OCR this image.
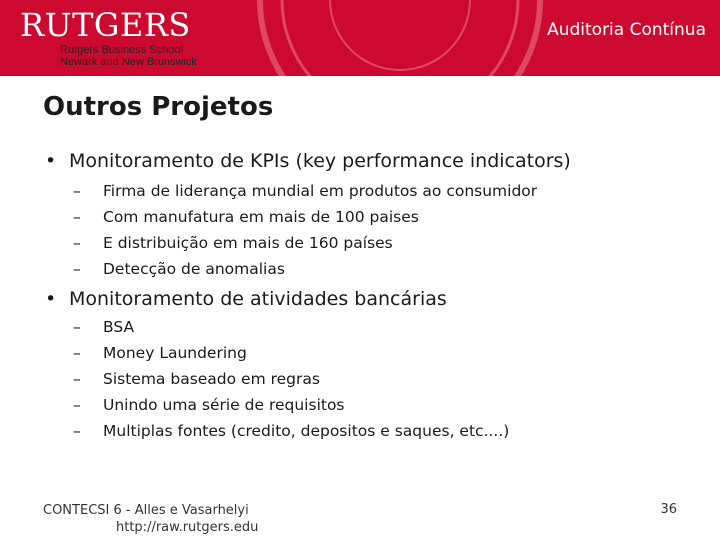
RUTGERS
Rutgers Business School
Newark and New Brunswick
Auditoria Contínua
Outros Projetos
• Monitoramento de KPIs (key performance indicators)
– Firma de liderança mundial em produtos ao consumidor
– Com manufatura em mais de 100 paises
– E distribuição em mais de 160 países
– Detecção de anomalias
• Monitoramento de atividades bancárias
– BSA
– Money Laundering
– Sistema baseado em regras
– Unindo uma série de requisitos
– Multiplas fontes (credito, depositos e saques, etc....)
CONTECSI 6 - Alles e Vasarhelyi
http://raw.rutgers.edu
36
